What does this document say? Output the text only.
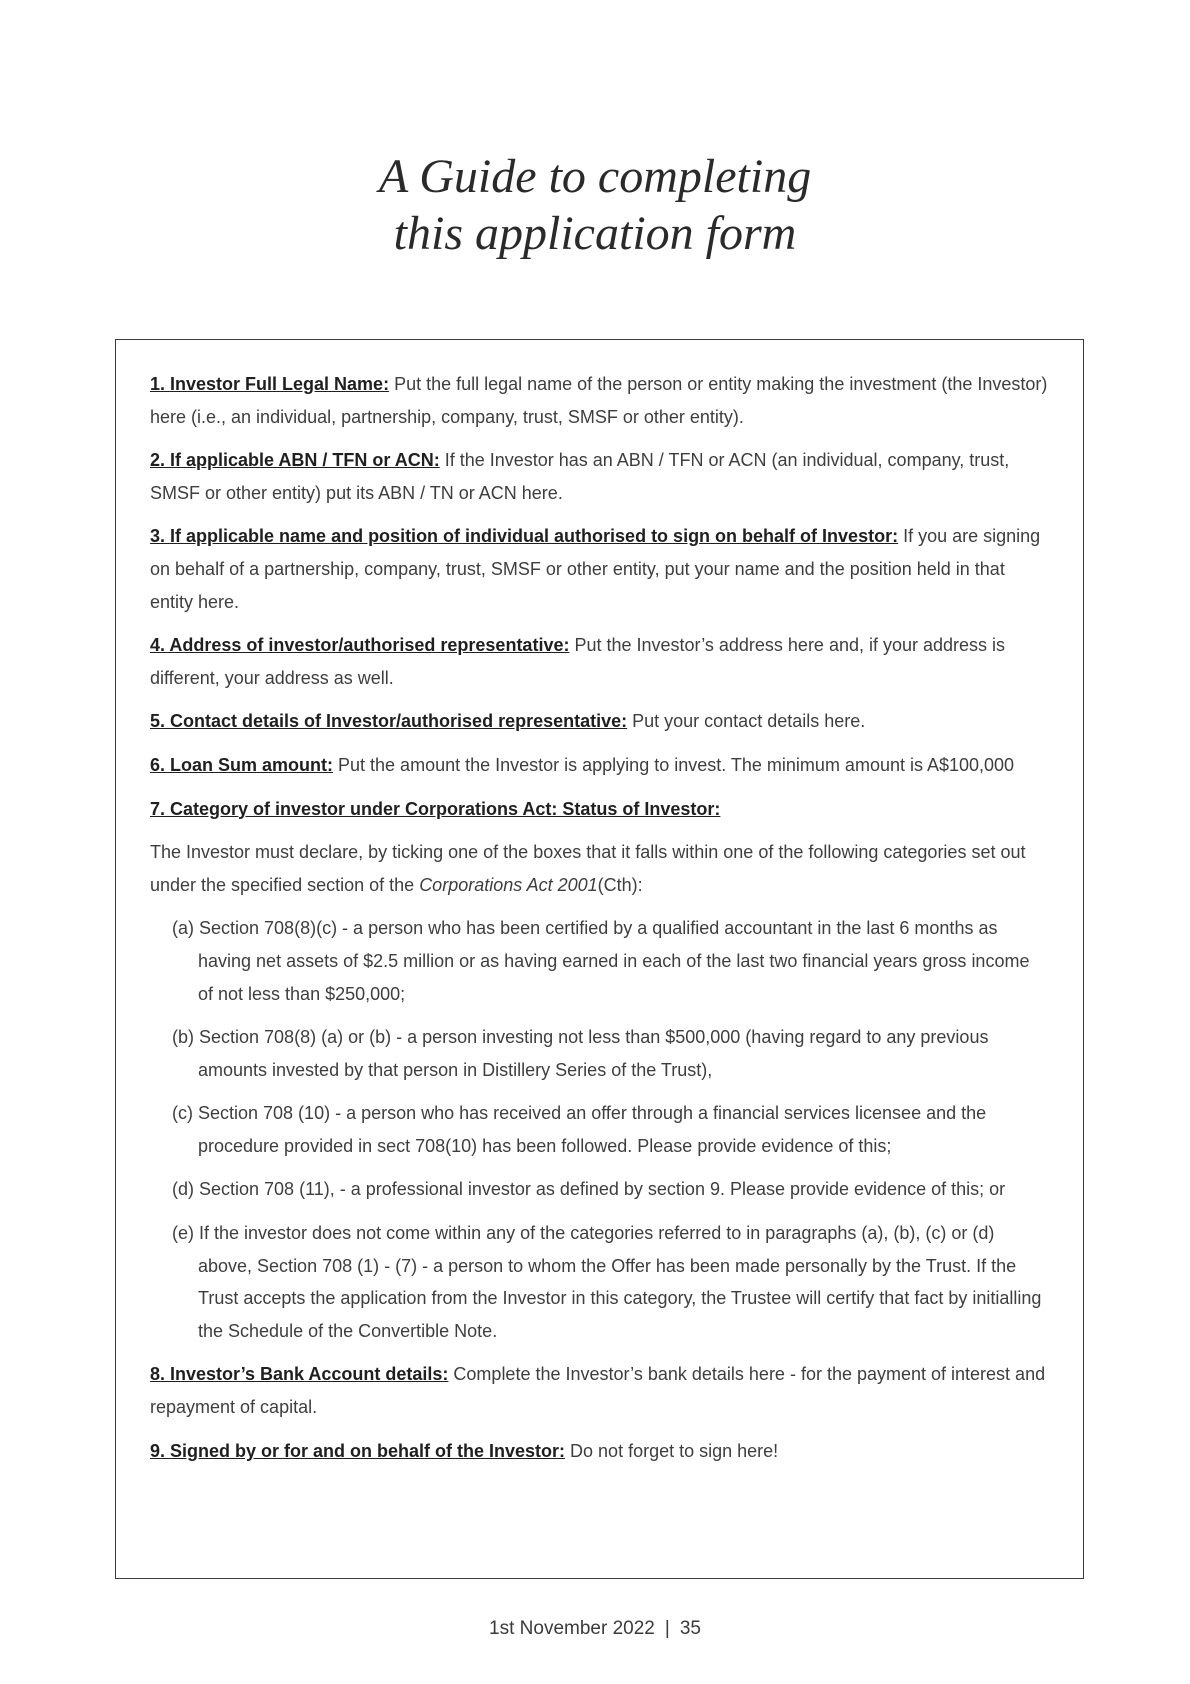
A Guide to completing
this application form

1. Investor Full Legal Name: Put the full legal name of the person or entity making the investment (the Investor) here (i.e., an individual, partnership, company, trust, SMSF or other entity).

2. If applicable ABN / TFN or ACN: If the Investor has an ABN / TFN or ACN (an individual, company, trust, SMSF or other entity) put its ABN / TN or ACN here.

3. If applicable name and position of individual authorised to sign on behalf of Investor: If you are signing on behalf of a partnership, company, trust, SMSF or other entity, put your name and the position held in that entity here.

4. Address of investor/authorised representative: Put the Investor’s address here and, if your address is different, your address as well.

5. Contact details of Investor/authorised representative: Put your contact details here.

6. Loan Sum amount: Put the amount the Investor is applying to invest. The minimum amount is A$100,000

7. Category of investor under Corporations Act: Status of Investor:

The Investor must declare, by ticking one of the boxes that it falls within one of the following categories set out under the specified section of the Corporations Act 2001(Cth):

(a) Section 708(8)(c) - a person who has been certified by a qualified accountant in the last 6 months as having net assets of $2.5 million or as having earned in each of the last two financial years gross income of not less than $250,000;

(b) Section 708(8) (a) or (b) - a person investing not less than $500,000 (having regard to any previous amounts invested by that person in Distillery Series of the Trust),

(c) Section 708 (10) - a person who has received an offer through a financial services licensee and the procedure provided in sect 708(10) has been followed. Please provide evidence of this;

(d) Section 708 (11), - a professional investor as defined by section 9. Please provide evidence of this; or

(e) If the investor does not come within any of the categories referred to in paragraphs (a), (b), (c) or (d) above, Section 708 (1) - (7) - a person to whom the Offer has been made personally by the Trust. If the Trust accepts the application from the Investor in this category, the Trustee will certify that fact by initialling the Schedule of the Convertible Note.

8. Investor’s Bank Account details: Complete the Investor’s bank details here - for the payment of interest and repayment of capital.

9. Signed by or for and on behalf of the Investor: Do not forget to sign here!

1st November 2022 | 35
